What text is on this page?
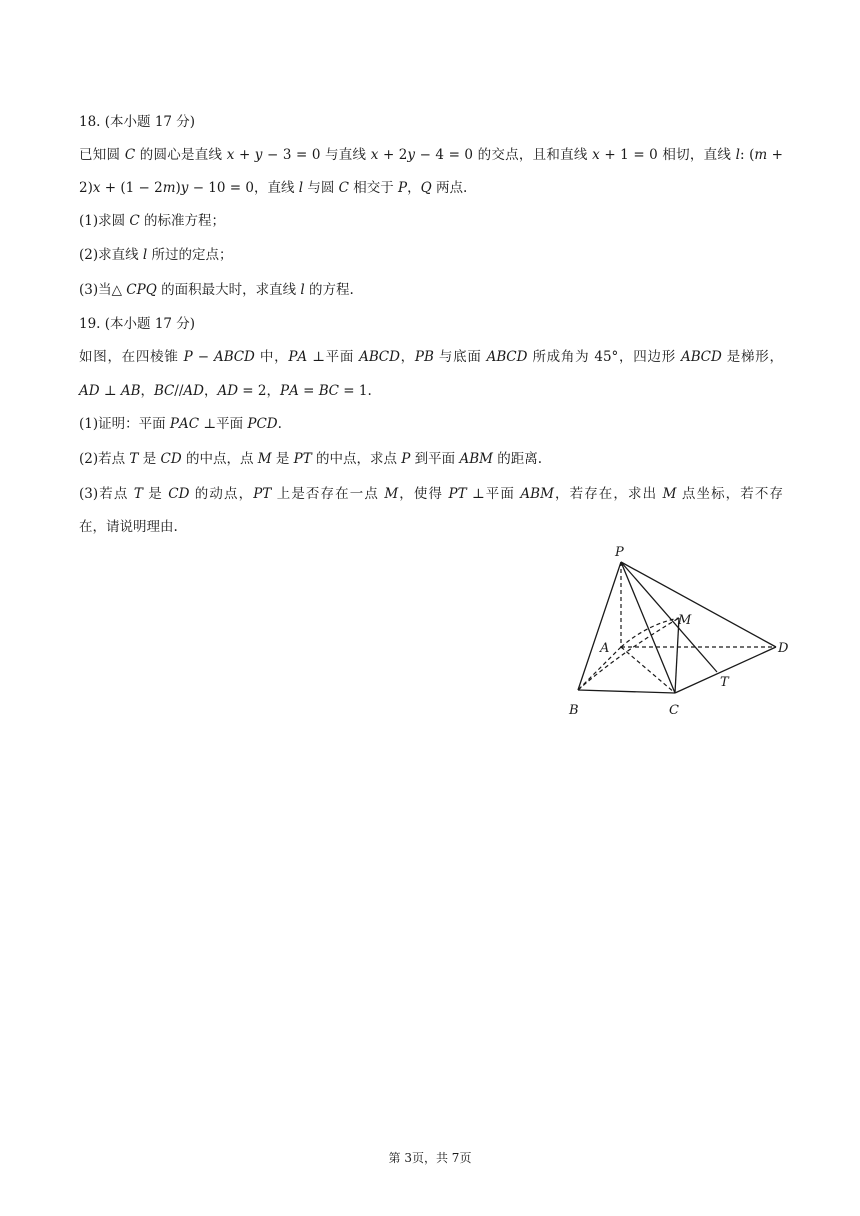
18. (本小题 17 分)
已知圆 𝐶 的圆心是直线 𝑥 + 𝑦 − 3 = 0 与直线 𝑥 + 2𝑦 − 4 = 0 的交点，且和直线 𝑥 + 1 = 0 相切，直线 𝑙: (𝑚 +
2)𝑥 + (1 − 2𝑚)𝑦 − 10 = 0，直线 𝑙 与圆 𝐶 相交于 𝑃，𝑄 两点.
(1)求圆 𝐶 的标准方程；
(2)求直线 𝑙 所过的定点；
(3)当△ 𝐶𝑃𝑄 的面积最大时，求直线 𝑙 的方程.
19. (本小题 17 分)
如图，在四棱锥 𝑃 − 𝐴𝐵𝐶𝐷 中，𝑃𝐴 ⊥平面 𝐴𝐵𝐶𝐷，𝑃𝐵 与底面 𝐴𝐵𝐶𝐷 所成角为 45°，四边形 𝐴𝐵𝐶𝐷 是梯形，
𝐴𝐷 ⊥ 𝐴𝐵，𝐵𝐶//𝐴𝐷，𝐴𝐷 = 2，𝑃𝐴 = 𝐵𝐶 = 1.
(1)证明：平面 𝑃𝐴𝐶 ⊥平面 𝑃𝐶𝐷.
(2)若点 𝑇 是 𝐶𝐷 的中点，点 𝑀 是 𝑃𝑇 的中点，求点 𝑃 到平面 𝐴𝐵𝑀 的距离.
(3)若点 𝑇 是 𝐶𝐷 的动点，𝑃𝑇 上是否存在一点 𝑀，使得 𝑃𝑇 ⊥平面 𝐴𝐵𝑀，若存在，求出 𝑀 点坐标，若不存
在，请说明理由.
P
A
B	C
D
M
T
第 3页，共 7页
